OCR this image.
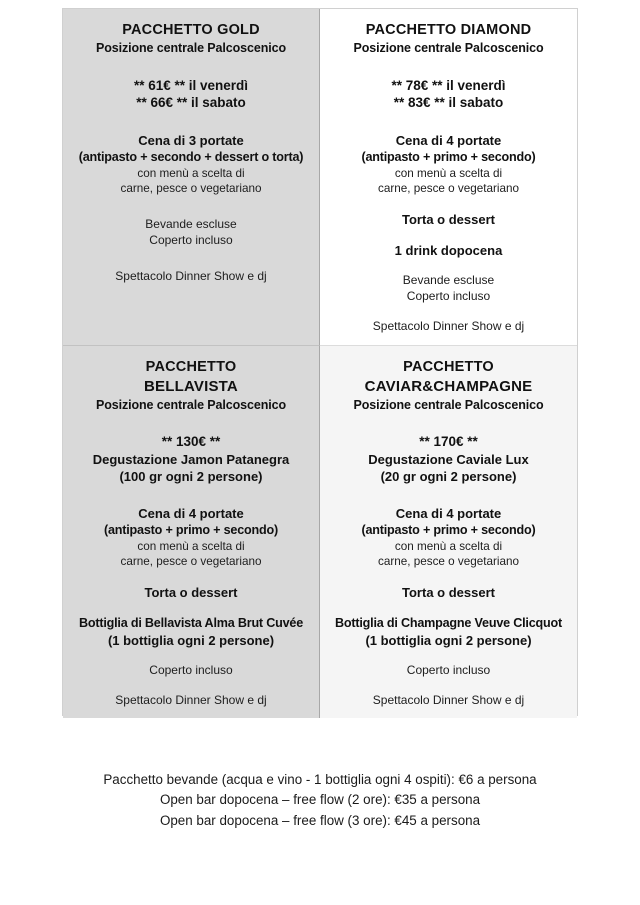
PACCHETTO GOLD
Posizione centrale Palcoscenico
** 61€ ** il venerdì
** 66€ ** il sabato
Cena di 3 portate
(antipasto + secondo + dessert o torta)
con menù a scelta di
carne, pesce o vegetariano
Bevande escluse
Coperto incluso
Spettacolo Dinner Show e dj
PACCHETTO DIAMOND
Posizione centrale Palcoscenico
** 78€ ** il venerdì
** 83€ ** il sabato
Cena di 4 portate
(antipasto + primo + secondo)
con menù a scelta di
carne, pesce o vegetariano
Torta o dessert
1 drink dopocena
Bevande escluse
Coperto incluso
Spettacolo Dinner Show e dj
PACCHETTO
BELLAVISTA
Posizione centrale Palcoscenico
** 130€ **
Degustazione Jamon Patanegra
(100 gr ogni 2 persone)
Cena di 4 portate
(antipasto + primo + secondo)
con menù a scelta di
carne, pesce o vegetariano
Torta o dessert
Bottiglia di Bellavista Alma Brut Cuvée
(1 bottiglia ogni 2 persone)
Coperto incluso
Spettacolo Dinner Show e dj
PACCHETTO
CAVIAR&CHAMPAGNE
Posizione centrale Palcoscenico
** 170€ **
Degustazione Caviale Lux
(20 gr ogni 2 persone)
Cena di 4 portate
(antipasto + primo + secondo)
con menù a scelta di
carne, pesce o vegetariano
Torta o dessert
Bottiglia di Champagne Veuve Clicquot
(1 bottiglia ogni 2 persone)
Coperto incluso
Spettacolo Dinner Show e dj
Pacchetto bevande (acqua e vino - 1 bottiglia ogni 4 ospiti): €6 a persona
Open bar dopocena – free flow (2 ore): €35 a persona
Open bar dopocena – free flow (3 ore): €45 a persona
